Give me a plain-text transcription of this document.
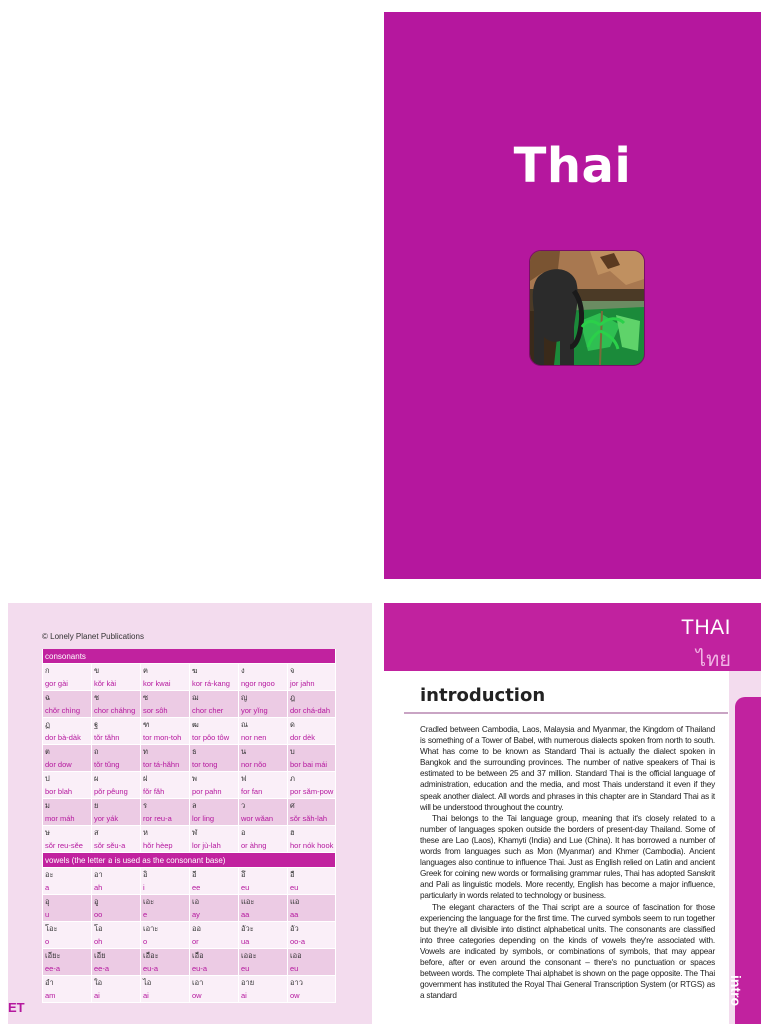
Thai
© Lonely Planet Publications
consonants					
ก	ข	ฅ	ฆ	ง	จ
gor gài	kŏr kài	kor kwai	kor rá-kang	ngor ngoo	jor jahn
ฉ	ช	ซ	ฌ	ญ	ฎ
chŏr chìng	chor cháhng	sor sôh	chor cher	yor yĭng	dor chá-dah
ฏ	ฐ	ฑ	ฒ	ณ	ด
dor bà-dàk	tŏr tăhn	tor mon-toh	tor pôo tôw	nor nen	dor dèk
ต	ถ	ท	ธ	น	บ
dor dow	tŏr tŭng	tor tá-hăhn	tor tong	nor nŏo	bor bai mái
ป	ผ	ฝ	พ	ฟ	ภ
bor blah	pŏr pêung	fŏr făh	por pahn	for fan	por săm-pow
ม	ย	ร	ล	ว	ศ
mor máh	yor yák	ror reu-a	lor ling	wor wăan	sŏr săh-lah
ษ	ส	ห	ฬ	อ	ฮ
sŏr reu-sĕe	sŏr sĕu-a	hŏr hèep	lor jù-lah	or àhng	hor nók hook
vowels (the letter อ is used as the consonant base)					
อะ	อา	อิ	อี	อึ	อื
a	ah	i	ee	eu	eu
อุ	อู	เอะ	เอ	แอะ	แอ
u	oo	e	ay	aa	aa
โอะ	โอ	เอาะ	ออ	อัวะ	อัว
o	oh	o	or	ua	oo-a
เอียะ	เอีย	เอือะ	เอือ	เออะ	เออ
ee-a	ee-a	eu-a	eu-a	eu	eu
อำ	ใอ	ไอ	เอา	อาย	อาว
am	ai	ai	ow	ai	ow
ET
THAI
ไทย
intro
introduction

Cradled between Cambodia, Laos, Malaysia and Myanmar, the Kingdom of Thailand is something of a Tower of Babel, with numerous dialects spoken from north to south. What has come to be known as Standard Thai is actually the dialect spoken in Bangkok and the surrounding provinces. The number of native speakers of Thai is estimated to be between 25 and 37 million. Standard Thai is the official language of administration, education and the media, and most Thais understand it even if they speak another dialect. All words and phrases in this chapter are in Standard Thai as it will be understood throughout the country.

Thai belongs to the Tai language group, meaning that it's closely related to a number of languages spoken outside the borders of present-day Thailand. Some of these are Lao (Laos), Khamyti (India) and Lue (China). It has borrowed a number of words from languages such as Mon (Myanmar) and Khmer (Cambodia). Ancient languages also continue to influence Thai. Just as English relied on Latin and ancient Greek for coining new words or formalising grammar rules, Thai has adopted Sanskrit and Pali as linguistic models. More recently, English has become a major influence, particularly in words related to technology or business.

The elegant characters of the Thai script are a source of fascination for those experiencing the language for the first time. The curved symbols seem to run together but they're all divisible into distinct alphabetical units. The consonants are classified into three categories depending on the kinds of vowels they're associated with. Vowels are indicated by symbols, or combinations of symbols, that may appear before, after or even around the consonant – there's no punctuation or spaces between words. The complete Thai alphabet is shown on the page opposite. The Thai government has instituted the Royal Thai General Transcription System (or RTGS) as a standard
